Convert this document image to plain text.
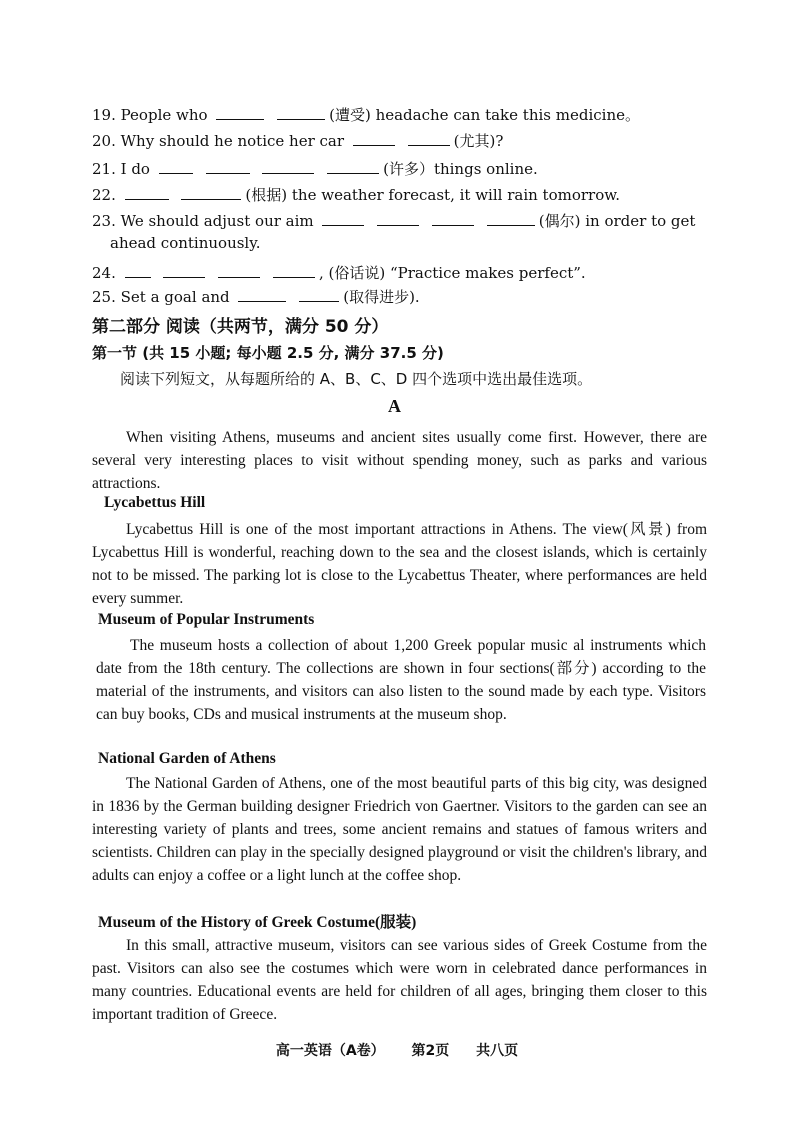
19. People who	(遭受) headache can take this medicine。
20. Why should he notice her car	(尤其)?
21. I do	(许多）things online.
22.	(根据) the weather forecast, it will rain tomorrow.
23. We should adjust our aim	(偶尔) in order to get
ahead continuously.
24.	, (俗话说) “Practice makes perfect”.
25. Set a goal and	(取得进步).
第二部分 阅读（共两节，满分 50 分）
第一节 (共 15 小题; 每小题 2.5 分, 满分 37.5 分)
阅读下列短文，从每题所给的 A、B、C、D 四个选项中选出最佳选项。
A
When visiting Athens, museums and ancient sites usually come first. However, there are several very interesting places to visit without spending money, such as parks and various attractions.
Lycabettus Hill
Lycabettus Hill is one of the most important attractions in Athens. The view(风景) from Lycabettus Hill is wonderful, reaching down to the sea and the closest islands, which is certainly not to be missed. The parking lot is close to the Lycabettus Theater, where performances are held every summer.
Museum of Popular Instruments
The museum hosts a collection of about 1,200 Greek popular music al instruments which date from the 18th century. The collections are shown in four sections(部分) according to the material of the instruments, and visitors can also listen to the sound made by each type. Visitors can buy books, CDs and musical instruments at the museum shop.
National Garden of Athens
The National Garden of Athens, one of the most beautiful parts of this big city, was designed in 1836 by the German building designer Friedrich von Gaertner. Visitors to the garden can see an interesting variety of plants and trees, some ancient remains and statues of famous writers and scientists. Children can play in the specially designed playground or visit the children's library, and adults can enjoy a coffee or a light lunch at the coffee shop.
Museum of the History of Greek Costume(服装)
In this small, attractive museum, visitors can see various sides of Greek Costume from the past. Visitors can also see the costumes which were worn in celebrated dance performances in many countries. Educational events are held for children of all ages, bringing them closer to this important tradition of Greece.
高一英语（A卷） 第2页 共八页
